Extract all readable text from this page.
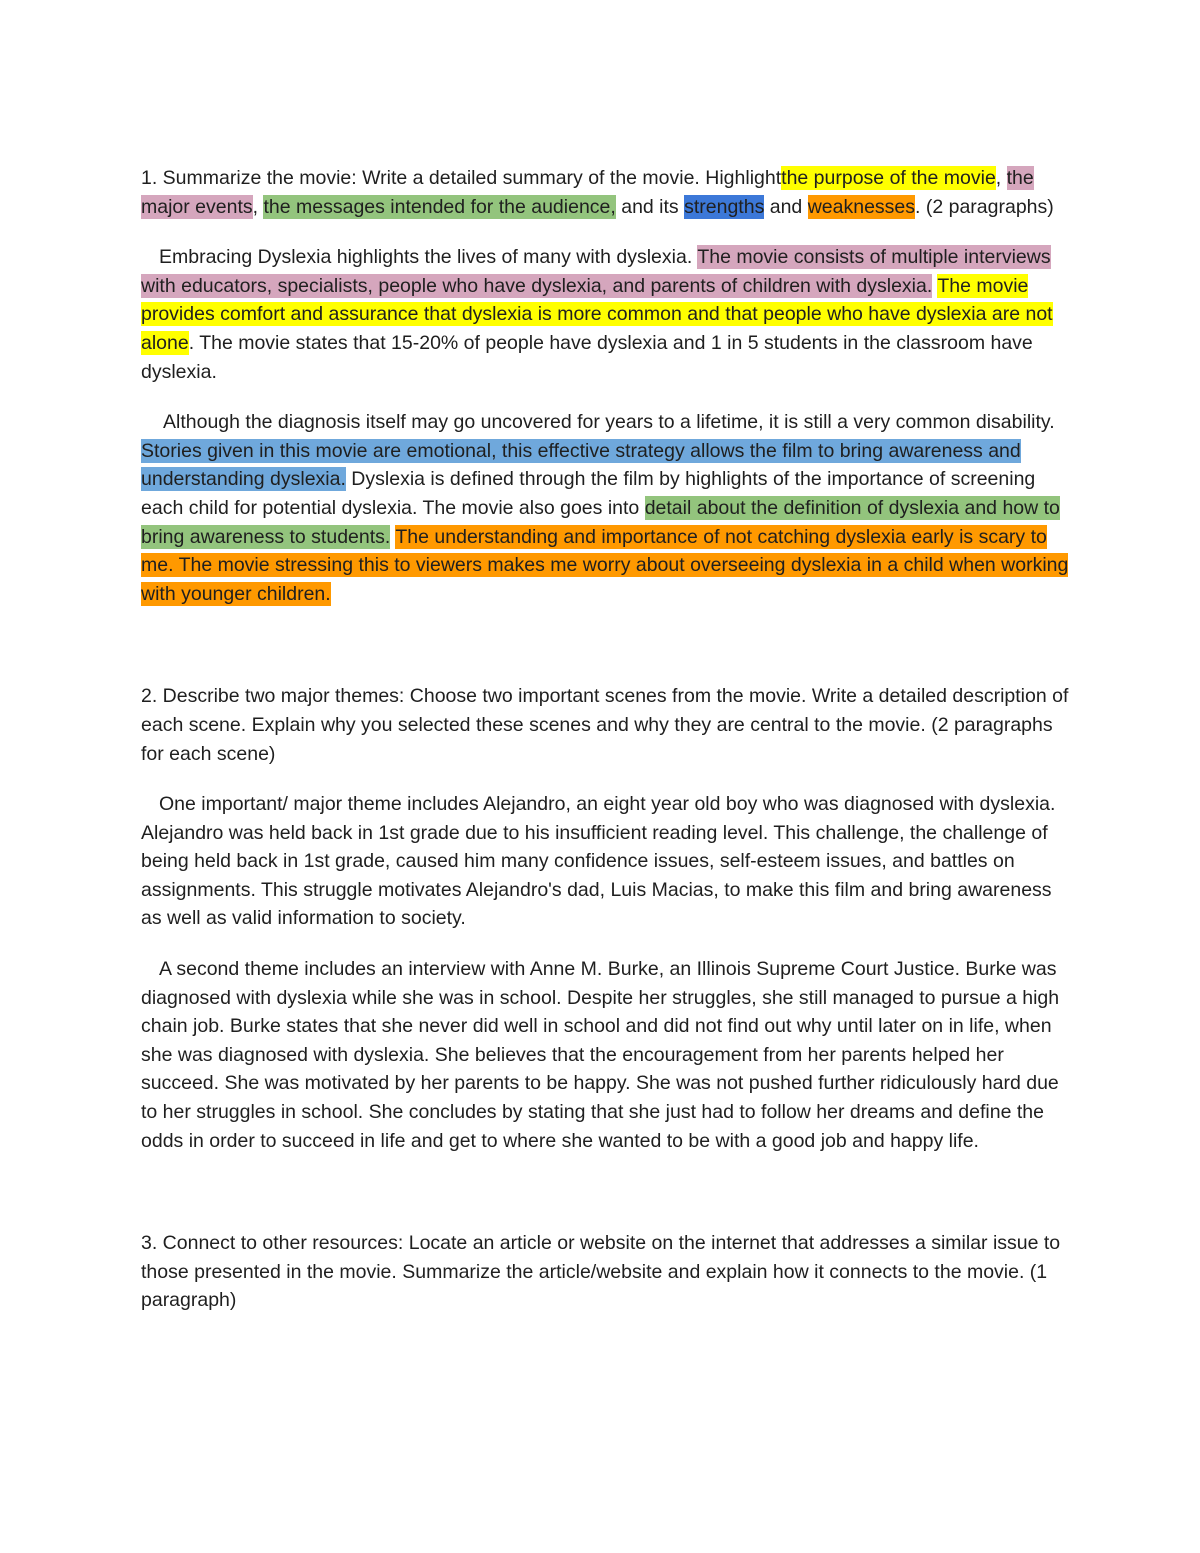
1. Summarize the movie: Write a detailed summary of the movie. Highlightthe purpose of the movie, the major events, the messages intended for the audience, and its strengths and weaknesses. (2 paragraphs)

Embracing Dyslexia highlights the lives of many with dyslexia. The movie consists of multiple interviews with educators, specialists, people who have dyslexia, and parents of children with dyslexia. The movie provides comfort and assurance that dyslexia is more common and that people who have dyslexia are not alone. The movie states that 15-20% of people have dyslexia and 1 in 5 students in the classroom have dyslexia.

Although the diagnosis itself may go uncovered for years to a lifetime, it is still a very common disability. Stories given in this movie are emotional, this effective strategy allows the film to bring awareness and understanding dyslexia. Dyslexia is defined through the film by highlights of the importance of screening each child for potential dyslexia. The movie also goes into detail about the definition of dyslexia and how to bring awareness to students. The understanding and importance of not catching dyslexia early is scary to me. The movie stressing this to viewers makes me worry about overseeing dyslexia in a child when working with younger children.

2. Describe two major themes: Choose two important scenes from the movie. Write a detailed description of each scene. Explain why you selected these scenes and why they are central to the movie. (2 paragraphs for each scene)

One important/ major theme includes Alejandro, an eight year old boy who was diagnosed with dyslexia. Alejandro was held back in 1st grade due to his insufficient reading level. This challenge, the challenge of being held back in 1st grade, caused him many confidence issues, self-esteem issues, and battles on assignments. This struggle motivates Alejandro's dad, Luis Macias, to make this film and bring awareness as well as valid information to society.

A second theme includes an interview with Anne M. Burke, an Illinois Supreme Court Justice. Burke was diagnosed with dyslexia while she was in school. Despite her struggles, she still managed to pursue a high chain job. Burke states that she never did well in school and did not find out why until later on in life, when she was diagnosed with dyslexia. She believes that the encouragement from her parents helped her succeed. She was motivated by her parents to be happy. She was not pushed further ridiculously hard due to her struggles in school. She concludes by stating that she just had to follow her dreams and define the odds in order to succeed in life and get to where she wanted to be with a good job and happy life.

3. Connect to other resources: Locate an article or website on the internet that addresses a similar issue to those presented in the movie. Summarize the article/website and explain how it connects to the movie. (1 paragraph)
